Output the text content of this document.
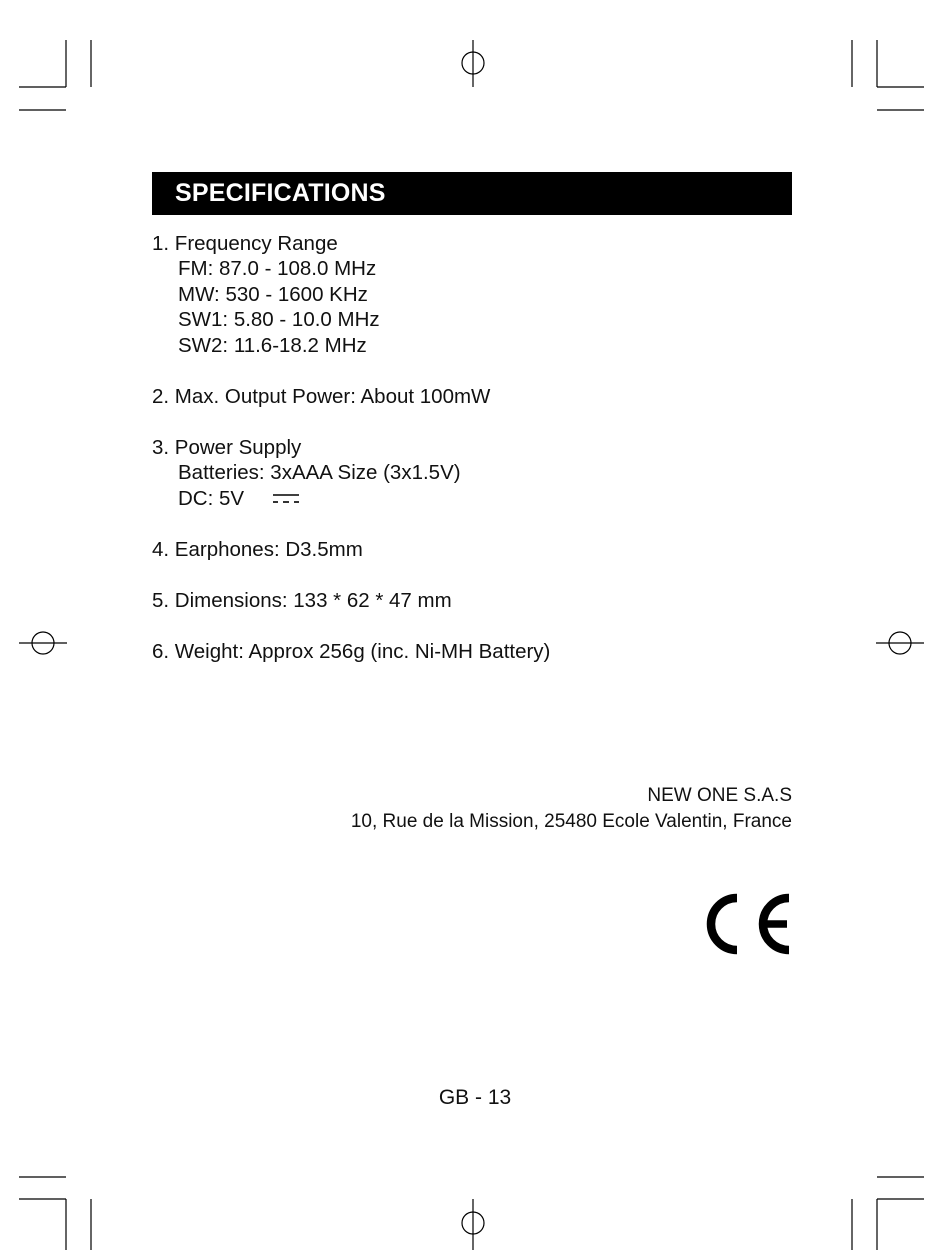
SPECIFICATIONS
1. Frequency Range
FM: 87.0 - 108.0 MHz
MW: 530 - 1600 KHz
SW1: 5.80 - 10.0 MHz
SW2: 11.6-18.2 MHz
2. Max. Output Power: About 100mW
3. Power Supply
Batteries: 3xAAA Size (3x1.5V)
DC: 5V
4. Earphones: D3.5mm
5. Dimensions: 133 * 62 * 47 mm
6. Weight: Approx 256g (inc. Ni-MH Battery)
NEW ONE S.A.S
10, Rue de la Mission, 25480 Ecole Valentin, France
GB - 13
